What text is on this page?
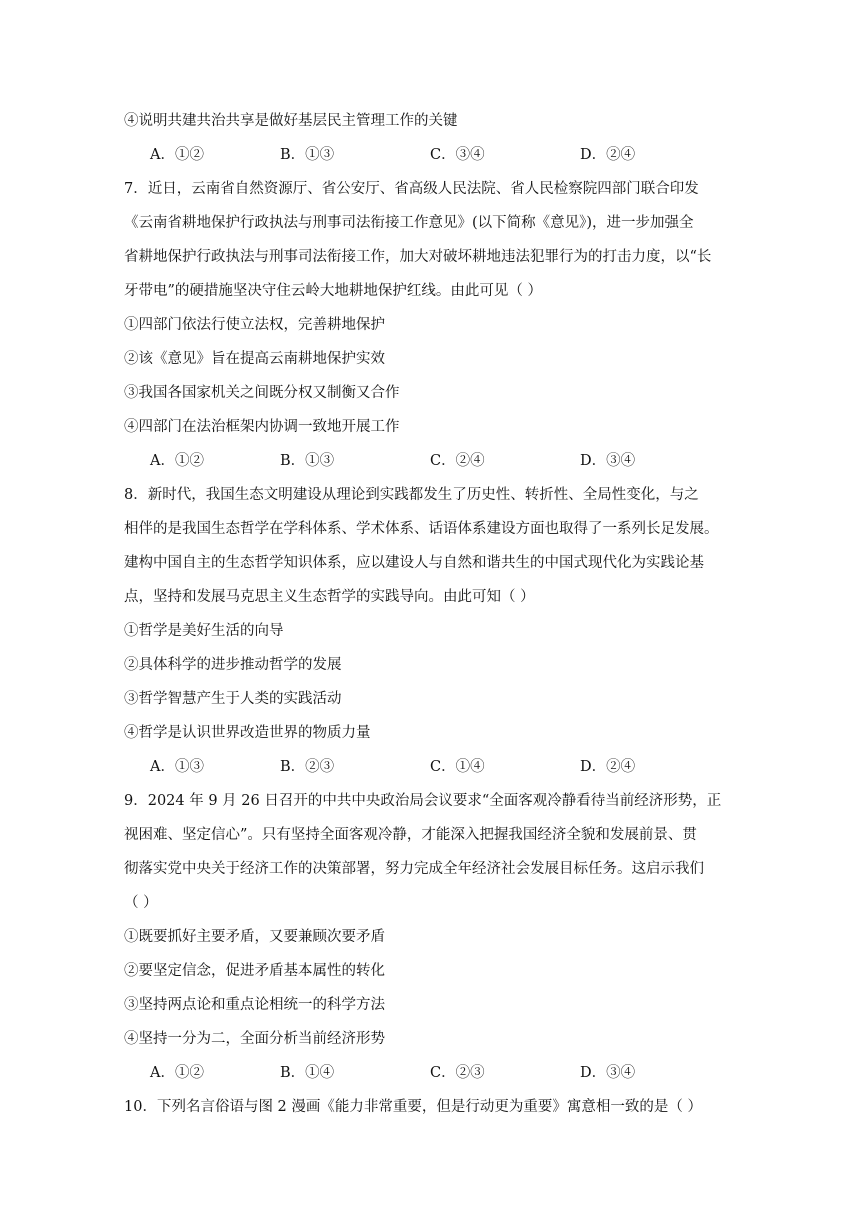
④说明共建共治共享是做好基层民主管理工作的关键
A．①②	B．①③	C．③④	D．②④
7．近日，云南省自然资源厅、省公安厅、省高级人民法院、省人民检察院四部门联合印发
《云南省耕地保护行政执法与刑事司法衔接工作意见》(以下简称《意见》)，进一步加强全
省耕地保护行政执法与刑事司法衔接工作，加大对破坏耕地违法犯罪行为的打击力度，以“长
牙带电”的硬措施坚决守住云岭大地耕地保护红线。由此可见（ ）
①四部门依法行使立法权，完善耕地保护
②该《意见》旨在提高云南耕地保护实效
③我国各国家机关之间既分权又制衡又合作
④四部门在法治框架内协调一致地开展工作
A．①②	B．①③	C．②④	D．③④
8．新时代，我国生态文明建设从理论到实践都发生了历史性、转折性、全局性变化，与之
相伴的是我国生态哲学在学科体系、学术体系、话语体系建设方面也取得了一系列长足发展。
建构中国自主的生态哲学知识体系，应以建设人与自然和谐共生的中国式现代化为实践论基
点，坚持和发展马克思主义生态哲学的实践导向。由此可知（ ）
①哲学是美好生活的向导
②具体科学的进步推动哲学的发展
③哲学智慧产生于人类的实践活动
④哲学是认识世界改造世界的物质力量
A．①③	B．②③	C．①④	D．②④
9．2024 年 9 月 26 日召开的中共中央政治局会议要求“全面客观冷静看待当前经济形势，正
视困难、坚定信心”。只有坚持全面客观冷静，才能深入把握我国经济全貌和发展前景、贯
彻落实党中央关于经济工作的决策部署，努力完成全年经济社会发展目标任务。这启示我们
（ ）
①既要抓好主要矛盾，又要兼顾次要矛盾
②要坚定信念，促进矛盾基本属性的转化
③坚持两点论和重点论相统一的科学方法
④坚持一分为二，全面分析当前经济形势
A．①②	B．①④	C．②③	D．③④
10．下列名言俗语与图 2 漫画《能力非常重要，但是行动更为重要》寓意相一致的是（ ）
